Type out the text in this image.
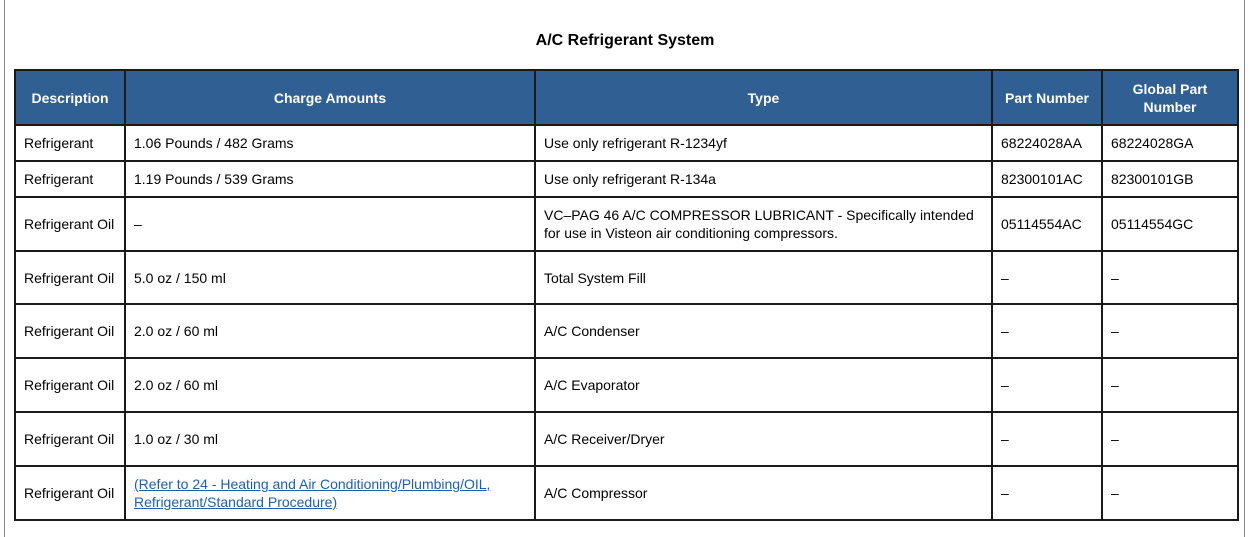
A/C Refrigerant System
Description	Charge Amounts	Type	Part Number	Global Part Number
Refrigerant	1.06 Pounds / 482 Grams	Use only refrigerant R-1234yf	68224028AA	68224028GA
Refrigerant	1.19 Pounds / 539 Grams	Use only refrigerant R-134a	82300101AC	82300101GB
Refrigerant Oil	–	VC–PAG 46 A/C COMPRESSOR LUBRICANT - Specifically intended for use in Visteon air conditioning compressors.	05114554AC	05114554GC
Refrigerant Oil	5.0 oz / 150 ml	Total System Fill	–	–
Refrigerant Oil	2.0 oz / 60 ml	A/C Condenser	–	–
Refrigerant Oil	2.0 oz / 60 ml	A/C Evaporator	–	–
Refrigerant Oil	1.0 oz / 30 ml	A/C Receiver/Dryer	–	–
Refrigerant Oil	(Refer to 24 - Heating and Air Conditioning/Plumbing/OIL, Refrigerant/Standard Procedure)	A/C Compressor	–	–
